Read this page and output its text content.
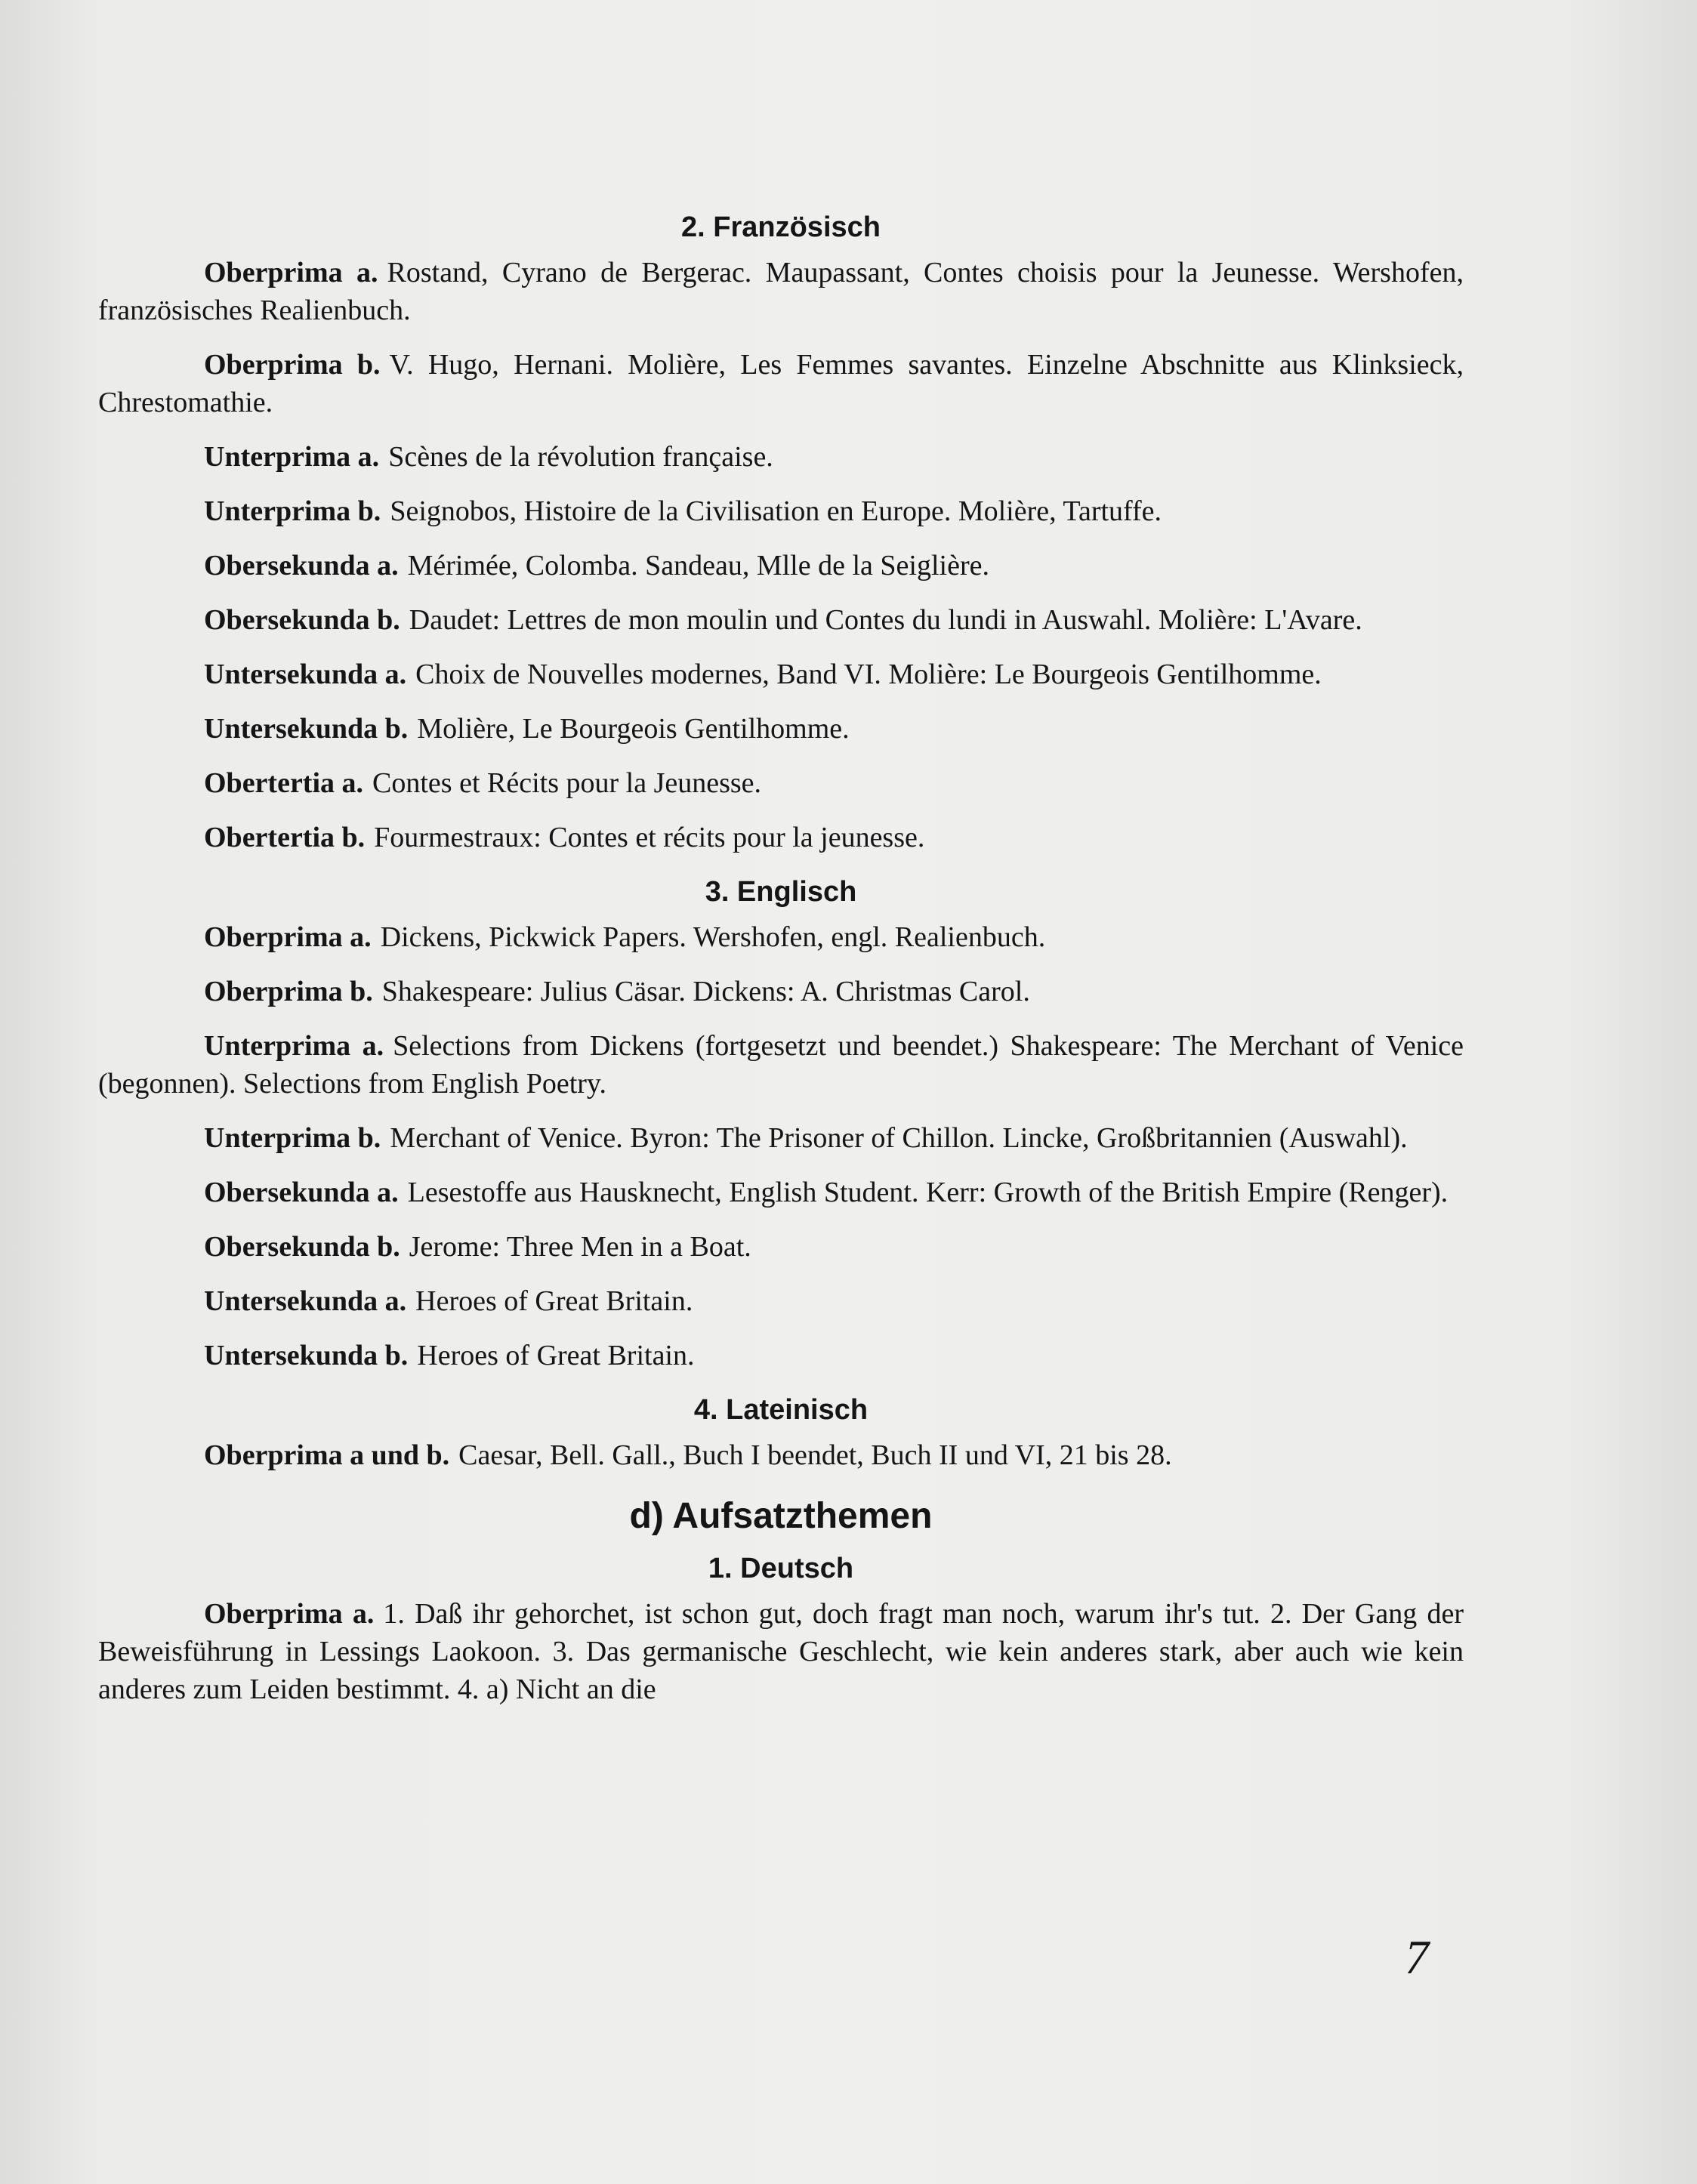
2. Französisch
Oberprima a. Rostand, Cyrano de Bergerac. Maupassant, Contes choisis pour la Jeunesse. Wershofen, französisches Realienbuch.
Oberprima b. V. Hugo, Hernani. Molière, Les Femmes savantes. Einzelne Abschnitte aus Klinksieck, Chrestomathie.
Unterprima a. Scènes de la révolution française.
Unterprima b. Seignobos, Histoire de la Civilisation en Europe. Molière, Tartuffe.
Obersekunda a. Mérimée, Colomba. Sandeau, Mlle de la Seiglière.
Obersekunda b. Daudet: Lettres de mon moulin und Contes du lundi in Auswahl. Molière: L'Avare.
Untersekunda a. Choix de Nouvelles modernes, Band VI. Molière: Le Bourgeois Gentilhomme.
Untersekunda b. Molière, Le Bourgeois Gentilhomme.
Obertertia a. Contes et Récits pour la Jeunesse.
Obertertia b. Fourmestraux: Contes et récits pour la jeunesse.
3. Englisch
Oberprima a. Dickens, Pickwick Papers. Wershofen, engl. Realienbuch.
Oberprima b. Shakespeare: Julius Cäsar. Dickens: A. Christmas Carol.
Unterprima a. Selections from Dickens (fortgesetzt und beendet.) Shakespeare: The Merchant of Venice (begonnen). Selections from English Poetry.
Unterprima b. Merchant of Venice. Byron: The Prisoner of Chillon. Lincke, Großbritannien (Auswahl).
Obersekunda a. Lesestoffe aus Hausknecht, English Student. Kerr: Growth of the British Empire (Renger).
Obersekunda b. Jerome: Three Men in a Boat.
Untersekunda a. Heroes of Great Britain.
Untersekunda b. Heroes of Great Britain.
4. Lateinisch
Oberprima a und b. Caesar, Bell. Gall., Buch I beendet, Buch II und VI, 21 bis 28.
d) Aufsatzthemen
1. Deutsch
Oberprima a. 1. Daß ihr gehorchet, ist schon gut, doch fragt man noch, warum ihr's tut. 2. Der Gang der Beweisführung in Lessings Laokoon. 3. Das germanische Geschlecht, wie kein anderes stark, aber auch wie kein anderes zum Leiden bestimmt. 4. a) Nicht an die
7
